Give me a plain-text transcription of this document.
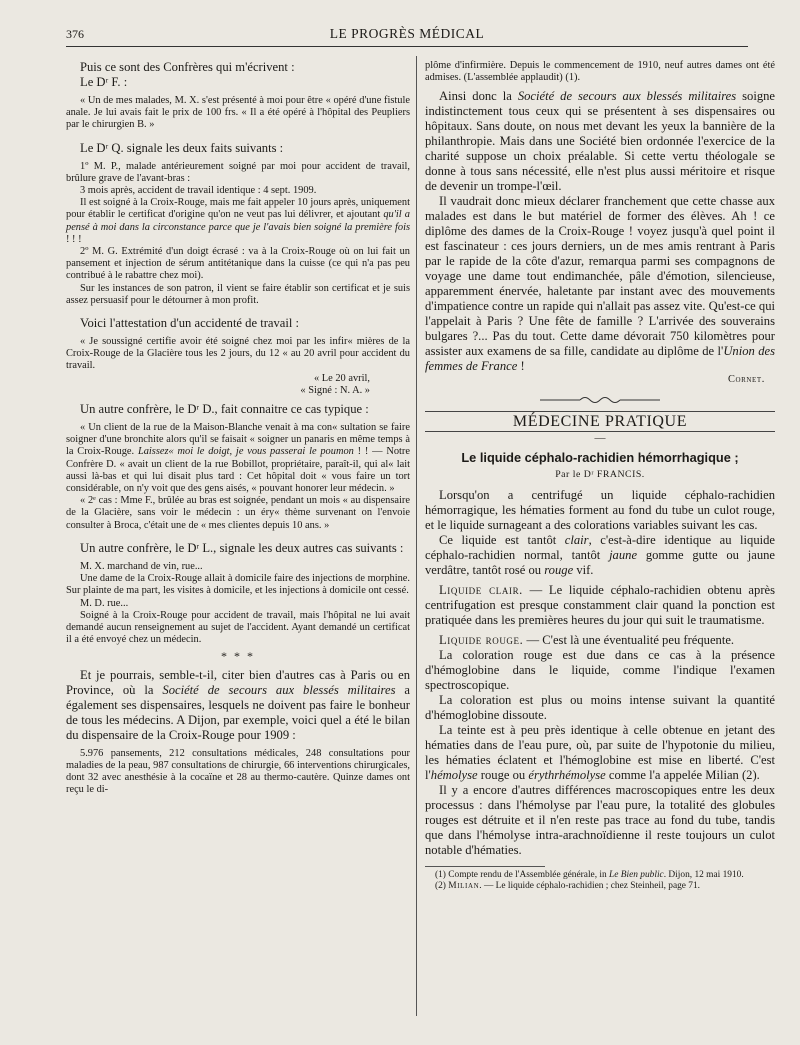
376	LE PROGRÈS MÉDICAL

Puis ce sont des Confrères qui m'écrivent :

Le Dʳ F. :

« Un de mes malades, M. X. s'est présenté à moi pour être « opéré d'une fistule anale. Je lui avais fait le prix de 100 frs. « Il a été opéré à l'hôpital des Peupliers par le chirurgien B. »

Le Dʳ Q. signale les deux faits suivants :

1º M. P., malade antérieurement soigné par moi pour accident de travail, brûlure grave de l'avant-bras :

3 mois après, accident de travail identique : 4 sept. 1909.

Il est soigné à la Croix-Rouge, mais me fait appeler 10 jours après, uniquement pour établir le certificat d'origine qu'on ne veut pas lui délivrer, et ajoutant qu'il a pensé à moi dans la circonstance parce que je l'avais bien soigné la première fois ! ! !

2º M. G. Extrémité d'un doigt écrasé : va à la Croix-Rouge où on lui fait un pansement et injection de sérum antitétanique dans la cuisse (ce qui n'a pas peu contribué à le rabattre chez moi).

Sur les instances de son patron, il vient se faire établir son certificat et je suis assez persuasif pour le détourner à mon profit.

Voici l'attestation d'un accidenté de travail :

« Je soussigné certifie avoir été soigné chez moi par les infir« mières de la Croix-Rouge de la Glacière tous les 2 jours, du 12 « au 20 avril pour accident du travail.

« Le 20 avril,

« Signé : N. A. »

Un autre confrère, le Dʳ D., fait connaitre ce cas typique :

« Un client de la rue de la Maison-Blanche venait à ma con« sultation se faire soigner d'une bronchite alors qu'il se faisait « soigner un panaris en même temps à la Croix-Rouge. Laissez« moi le doigt, je vous passerai le poumon ! ! — Notre Confrère D. « avait un client de la rue Bobillot, propriétaire, paraît-il, qui al« lait aussi là-bas et qui lui disait plus tard : Cet hôpital doit « vous faire un tort considérable, on n'y voit que des gens aisés, « pouvant honorer leur médecin. »

« 2ᵉ cas : Mme F., brûlée au bras est soignée, pendant un mois « au dispensaire de la Glacière, sans voir le médecin : un éry« thème survenant on l'envoie consulter à Broca, c'était une de « mes clientes depuis 10 ans. »

Un autre confrère, le Dʳ L., signale les deux autres cas suivants :

M. X. marchand de vin, rue...

Une dame de la Croix-Rouge allait à domicile faire des injections de morphine. Sur plainte de ma part, les visites à domicile, et les injections à domicile ont cessé.

M. D. rue...

Soigné à la Croix-Rouge pour accident de travail, mais l'hôpital ne lui avait demandé aucun renseignement au sujet de l'accident. Ayant demandé un certificat il a été envoyé chez un médecin.

* * *

Et je pourrais, semble-t-il, citer bien d'autres cas à Paris ou en Province, où la Société de secours aux blessés militaires a également ses dispensaires, lesquels ne doivent pas faire le bonheur de tous les médecins. A Dijon, par exemple, voici quel a été le bilan du dispensaire de la Croix-Rouge pour 1909 :

5.976 pansements, 212 consultations médicales, 248 consultations pour maladies de la peau, 987 consultations de chirurgie, 66 interventions chirurgicales, dont 32 avec anesthésie à la cocaïne et 28 au thermo-cautère. Quinze dames ont reçu le di-

plôme d'infirmière. Depuis le commencement de 1910, neuf autres dames ont été admises. (L'assemblée applaudit) (1).

Ainsi donc la Société de secours aux blessés militaires soigne indistinctement tous ceux qui se présentent à ses dispensaires ou hôpitaux. Sans doute, on nous met devant les yeux la bannière de la philanthropie. Mais dans une Société bien ordonnée l'exercice de la charité suppose un choix préalable. Si cette vertu théologale se donne à tous sans nécessité, elle n'est plus aussi méritoire et risque de devenir un trompe-l'œil.

Il vaudrait donc mieux déclarer franchement que cette chasse aux malades est dans le but matériel de former des élèves. Ah ! ce diplôme des dames de la Croix-Rouge ! voyez jusqu'à quel point il est fascinateur : ces jours derniers, un de mes amis rentrant à Paris par le rapide de la côte d'azur, remarqua parmi ses compagnons de voyage une dame tout endimanchée, pâle d'émotion, silencieuse, apparemment énervée, haletante par instant avec des mouvements d'impatience contre un rapide qui n'allait pas assez vite. Qu'est-ce qui l'appelait à Paris ? Une fête de famille ? L'arrivée des souverains bulgares ?... Pas du tout. Cette dame dévorait 750 kilomètres pour assister aux examens de sa fille, candidate au diplôme de l'Union des femmes de France !

Cornet.

MÉDECINE PRATIQUE
—
Le liquide céphalo-rachidien hémorrhagique ;
Par le Dʳ FRANCIS.

Lorsqu'on a centrifugé un liquide céphalo-rachidien hémorragique, les hématies forment au fond du tube un culot rouge, et le liquide surnageant a des colorations variables suivant les cas.

Ce liquide est tantôt clair, c'est-à-dire identique au liquide céphalo-rachidien normal, tantôt jaune gomme gutte ou jaune verdâtre, tantôt rosé ou rouge vif.

Liquide clair. — Le liquide céphalo-rachidien obtenu après centrifugation est presque constamment clair quand la ponction est pratiquée dans les premières heures du jour qui suit le traumatisme.

Liquide rouge. — C'est là une éventualité peu fréquente.

La coloration rouge est due dans ce cas à la présence d'hémoglobine dans le liquide, comme l'indique l'examen spectroscopique.

La coloration est plus ou moins intense suivant la quantité d'hémoglobine dissoute.

La teinte est à peu près identique à celle obtenue en jetant des hématies dans de l'eau pure, où, par suite de l'hypotonie du milieu, les hématies éclatent et l'hémoglobine est mise en liberté. C'est l'hémolyse rouge ou érythrhémolyse comme l'a appelée Milian (2).

Il y a encore d'autres différences macroscopiques entre les deux processus : dans l'hémolyse par l'eau pure, la totalité des globules rouges est détruite et il n'en reste pas trace au fond du tube, tandis que dans l'hémolyse intra-arachnoïdienne il reste toujours un culot notable d'hématies.

(1) Compte rendu de l'Assemblée générale, in Le Bien public. Dijon, 12 mai 1910.

(2) Milian. — Le liquide céphalo-rachidien ; chez Steinheil, page 71.
